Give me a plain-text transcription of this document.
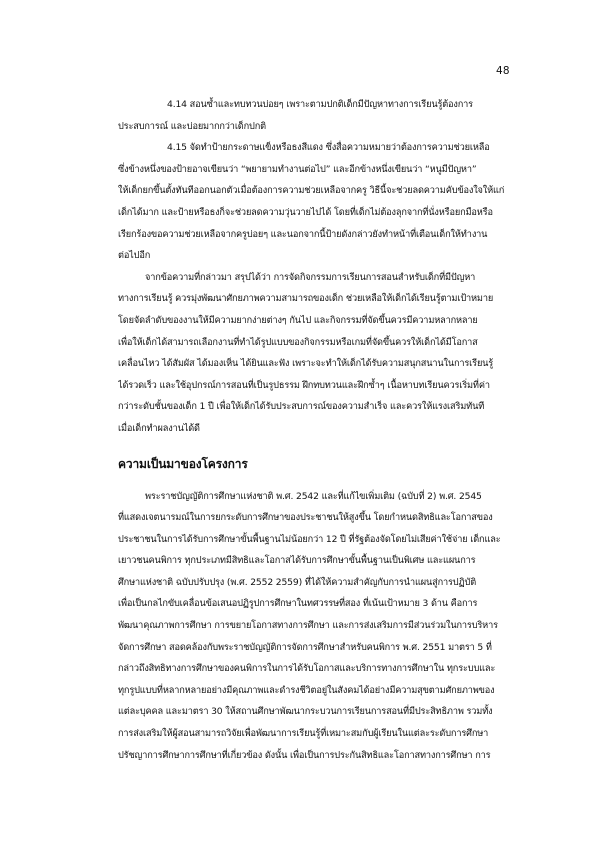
48
4.14 สอนซ้ำและทบทวนบ่อยๆ เพราะตามปกติเด็กมีปัญหาทางการเรียนรู้ต้องการ
ประสบการณ์ และบ่อยมากกว่าเด็กปกติ
4.15 จัดทำป้ายกระดาษแข็งหรือธงสีแดง ซึ่งสื่อความหมายว่าต้องการความช่วยเหลือ
ซึ่งข้างหนึ่งของป้ายอาจเขียนว่า “พยายามทำงานต่อไป” และอีกข้างหนึ่งเขียนว่า “หนูมีปัญหา”
ให้เด็กยกขึ้นตั้งทันทีออกนอกตัวเมื่อต้องการความช่วยเหลือจากครู วิธีนี้จะช่วยลดความคับข้องใจให้แก่
เด็กได้มาก และป้ายหรือธงก็จะช่วยลดความวุ่นวายไปได้ โดยที่เด็กไม่ต้องลุกจากที่นั่งหรือยกมือหรือ
เรียกร้องขอความช่วยเหลือจากครูบ่อยๆ และนอกจากนี้ป้ายดังกล่าวยังทำหน้าที่เตือนเด็กให้ทำงาน
ต่อไปอีก
จากข้อความที่กล่าวมา สรุปได้ว่า การจัดกิจกรรมการเรียนการสอนสำหรับเด็กที่มีปัญหา
ทางการเรียนรู้ ควรมุ่งพัฒนาศักยภาพความสามารถของเด็ก ช่วยเหลือให้เด็กได้เรียนรู้ตามเป้าหมาย
โดยจัดลำดับของงานให้มีความยากง่ายต่างๆ กันไป และกิจกรรมที่จัดขึ้นควรมีความหลากหลาย
เพื่อให้เด็กได้สามารถเลือกงานที่ทำได้รูปแบบของกิจกรรมหรือเกมที่จัดขึ้นควรให้เด็กได้มีโอกาส
เคลื่อนไหว ได้สัมผัส ได้มองเห็น ได้ยินและฟัง เพราะจะทำให้เด็กได้รับความสนุกสนานในการเรียนรู้
ได้รวดเร็ว และใช้อุปกรณ์การสอนที่เป็นรูปธรรม ฝึกทบทวนและฝึกซ้ำๆ เนื้อหาบทเรียนควรเริ่มที่ค่า
กว่าระดับชั้นของเด็ก 1 ปี เพื่อให้เด็กได้รับประสบการณ์ของความสำเร็จ และควรให้แรงเสริมทันที
เมื่อเด็กทำผลงานได้ดี
ความเป็นมาของโครงการ
พระราชบัญญัติการศึกษาแห่งชาติ พ.ศ. 2542 และที่แก้ไขเพิ่มเติม (ฉบับที่ 2) พ.ศ. 2545
ที่แสดงเจตนารมณ์ในการยกระดับการศึกษาของประชาชนให้สูงขึ้น โดยกำหนดสิทธิและโอกาสของ
ประชาชนในการได้รับการศึกษาขั้นพื้นฐานไม่น้อยกว่า 12 ปี ที่รัฐต้องจัดโดยไม่เสียค่าใช้จ่าย เด็กและ
เยาวชนคนพิการ ทุกประเภทมีสิทธิและโอกาสได้รับการศึกษาขั้นพื้นฐานเป็นพิเศษ และแผนการ
ศึกษาแห่งชาติ ฉบับปรับปรุง (พ.ศ. 2552 2559) ที่ได้ให้ความสำคัญกับการนำแผนสู่การปฏิบัติ
เพื่อเป็นกลไกขับเคลื่อนข้อเสนอปฏิรูปการศึกษาในทศวรรษที่สอง ที่เน้นเป้าหมาย 3 ด้าน คือการ
พัฒนาคุณภาพการศึกษา การขยายโอกาสทางการศึกษา และการส่งเสริมการมีส่วนร่วมในการบริหาร
จัดการศึกษา สอดคล้องกับพระราชบัญญัติการจัดการศึกษาสำหรับคนพิการ พ.ศ. 2551 มาตรา 5 ที่
กล่าวถึงสิทธิทางการศึกษาของคนพิการในการได้รับโอกาสและบริการทางการศึกษาใน ทุกระบบและ
ทุกรูปแบบที่หลากหลายอย่างมีคุณภาพและดำรงชีวิตอยู่ในสังคมได้อย่างมีความสุขตามศักยภาพของ
แต่ละบุคคล และมาตรา 30 ให้สถานศึกษาพัฒนากระบวนการเรียนการสอนที่มีประสิทธิภาพ รวมทั้ง
การส่งเสริมให้ผู้สอนสามารถวิจัยเพื่อพัฒนาการเรียนรู้ที่เหมาะสมกับผู้เรียนในแต่ละระดับการศึกษา
ปรัชญาการศึกษาการศึกษาที่เกี่ยวข้อง ดังนั้น เพื่อเป็นการประกันสิทธิและโอกาสทางการศึกษา การ
